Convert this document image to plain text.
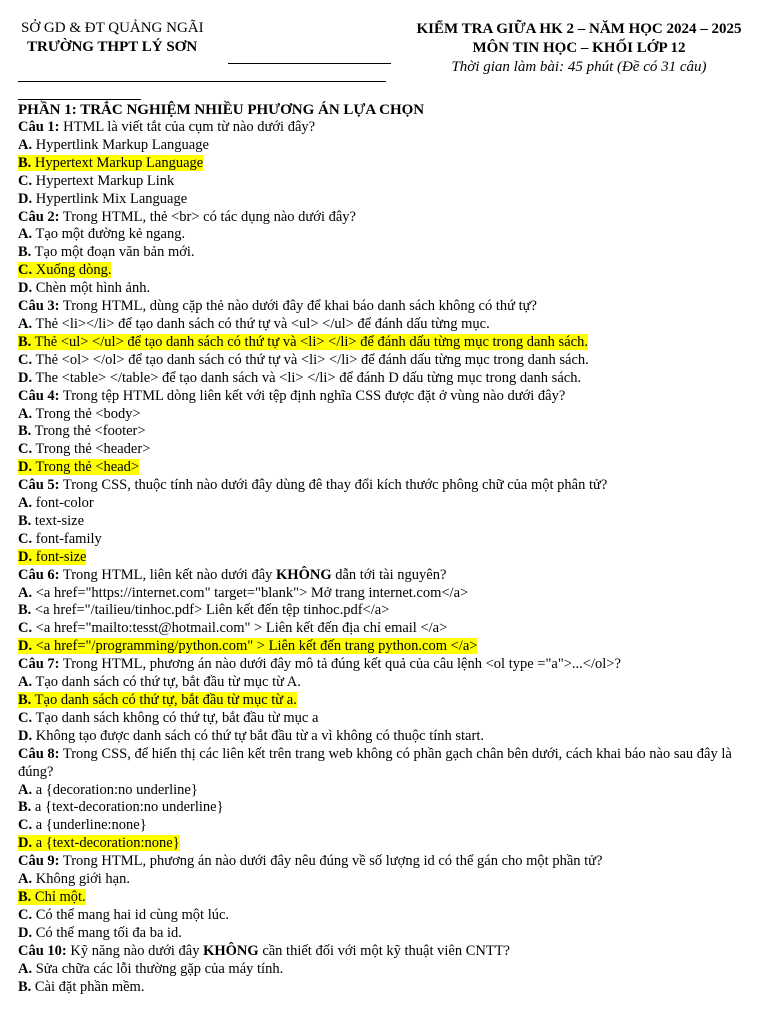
SỞ GD & ĐT QUẢNG NGÃI
TRƯỜNG THPT LÝ SƠN
KIỂM TRA GIỮA HK 2 – NĂM HỌC 2024 – 2025
MÔN TIN HỌC – KHỐI LỚP 12
Thời gian làm bài: 45 phút (Đề có 31 câu)
PHẦN 1: TRẮC NGHIỆM NHIỀU PHƯƠNG ÁN LỰA CHỌN
Câu 1: HTML là viết tắt của cụm từ nào dưới đây?
A. Hypertlink Markup Language
B. Hypertext Markup Language
C. Hypertext Markup Link
D. Hypertlink Mix Language
Câu 2: Trong HTML, thẻ <br> có tác dụng nào dưới đây?
A. Tạo một đường kẻ ngang.
B. Tạo một đoạn văn bản mới.
C. Xuống dòng.
D. Chèn một hình ảnh.
Câu 3: Trong HTML, dùng cặp thẻ nào dưới đây để khai báo danh sách không có thứ tự?
A. Thẻ <li></li> để tạo danh sách có thứ tự và <ul> </ul> để đánh dấu từng mục.
B. Thẻ <ul> </ul> để tạo danh sách có thứ tự và <li> </li> để đánh dấu từng mục trong danh sách.
C. Thẻ <ol> </ol> để tạo danh sách có thứ tự và <li> </li> để đánh dấu từng mục trong danh sách.
D. The <table> </table> để tạo danh sách và <li> </li> để đánh D dấu từng mục trong danh sách.
Câu 4: Trong tệp HTML dòng liên kết với tệp định nghĩa CSS được đặt ở vùng nào dưới đây?
A. Trong thẻ <body>
B. Trong thẻ <footer>
C. Trong thẻ <header>
D. Trong thẻ <head>
Câu 5: Trong CSS, thuộc tính nào dưới đây dùng đê thay đổi kích thước phông chữ của một phân tử?
A. font-color
B. text-size
C. font-family
D. font-size
Câu 6: Trong HTML, liên kết nào dưới đây KHÔNG dẫn tới tài nguyên?
A. <a href="https://internet.com" target="blank"> Mở trang internet.com</a>
B. <a href="/tailieu/tinhoc.pdf> Liên kết đến tệp tinhoc.pdf</a>
C. <a href="mailto:tesst@hotmail.com" > Liên kết đến địa chỉ email </a>
D. <a href="/programming/python.com" > Liên kết đến trang python.com </a>
Câu 7: Trong HTML, phương án nào dưới đây mô tả đúng kết quả của câu lệnh <ol type ="a">...</ol>?
A. Tạo danh sách có thứ tự, bắt đầu từ mục từ A.
B. Tạo danh sách có thứ tự, bắt đầu từ mục từ a.
C. Tạo danh sách không có thứ tự, bắt đầu từ mục a
D. Không tạo được danh sách có thứ tự bắt đầu từ a vì không có thuộc tính start.
Câu 8: Trong CSS, để hiển thị các liên kết trên trang web không có phần gạch chân bên dưới, cách khai báo nào sau đây là đúng?
A. a {decoration:no underline}
B. a {text-decoration:no underline}
C. a {underline:none}
D. a {text-decoration:none}
Câu 9: Trong HTML, phương án nào dưới đây nêu đúng về số lượng id có thể gán cho một phần tử?
A. Không giới hạn.
B. Chỉ một.
C. Có thể mang hai id cùng một lúc.
D. Có thể mang tối đa ba id.
Câu 10: Kỹ năng nào dưới đây KHÔNG cần thiết đối với một kỹ thuật viên CNTT?
A. Sửa chữa các lỗi thường gặp của máy tính.
B. Cài đặt phần mềm.
